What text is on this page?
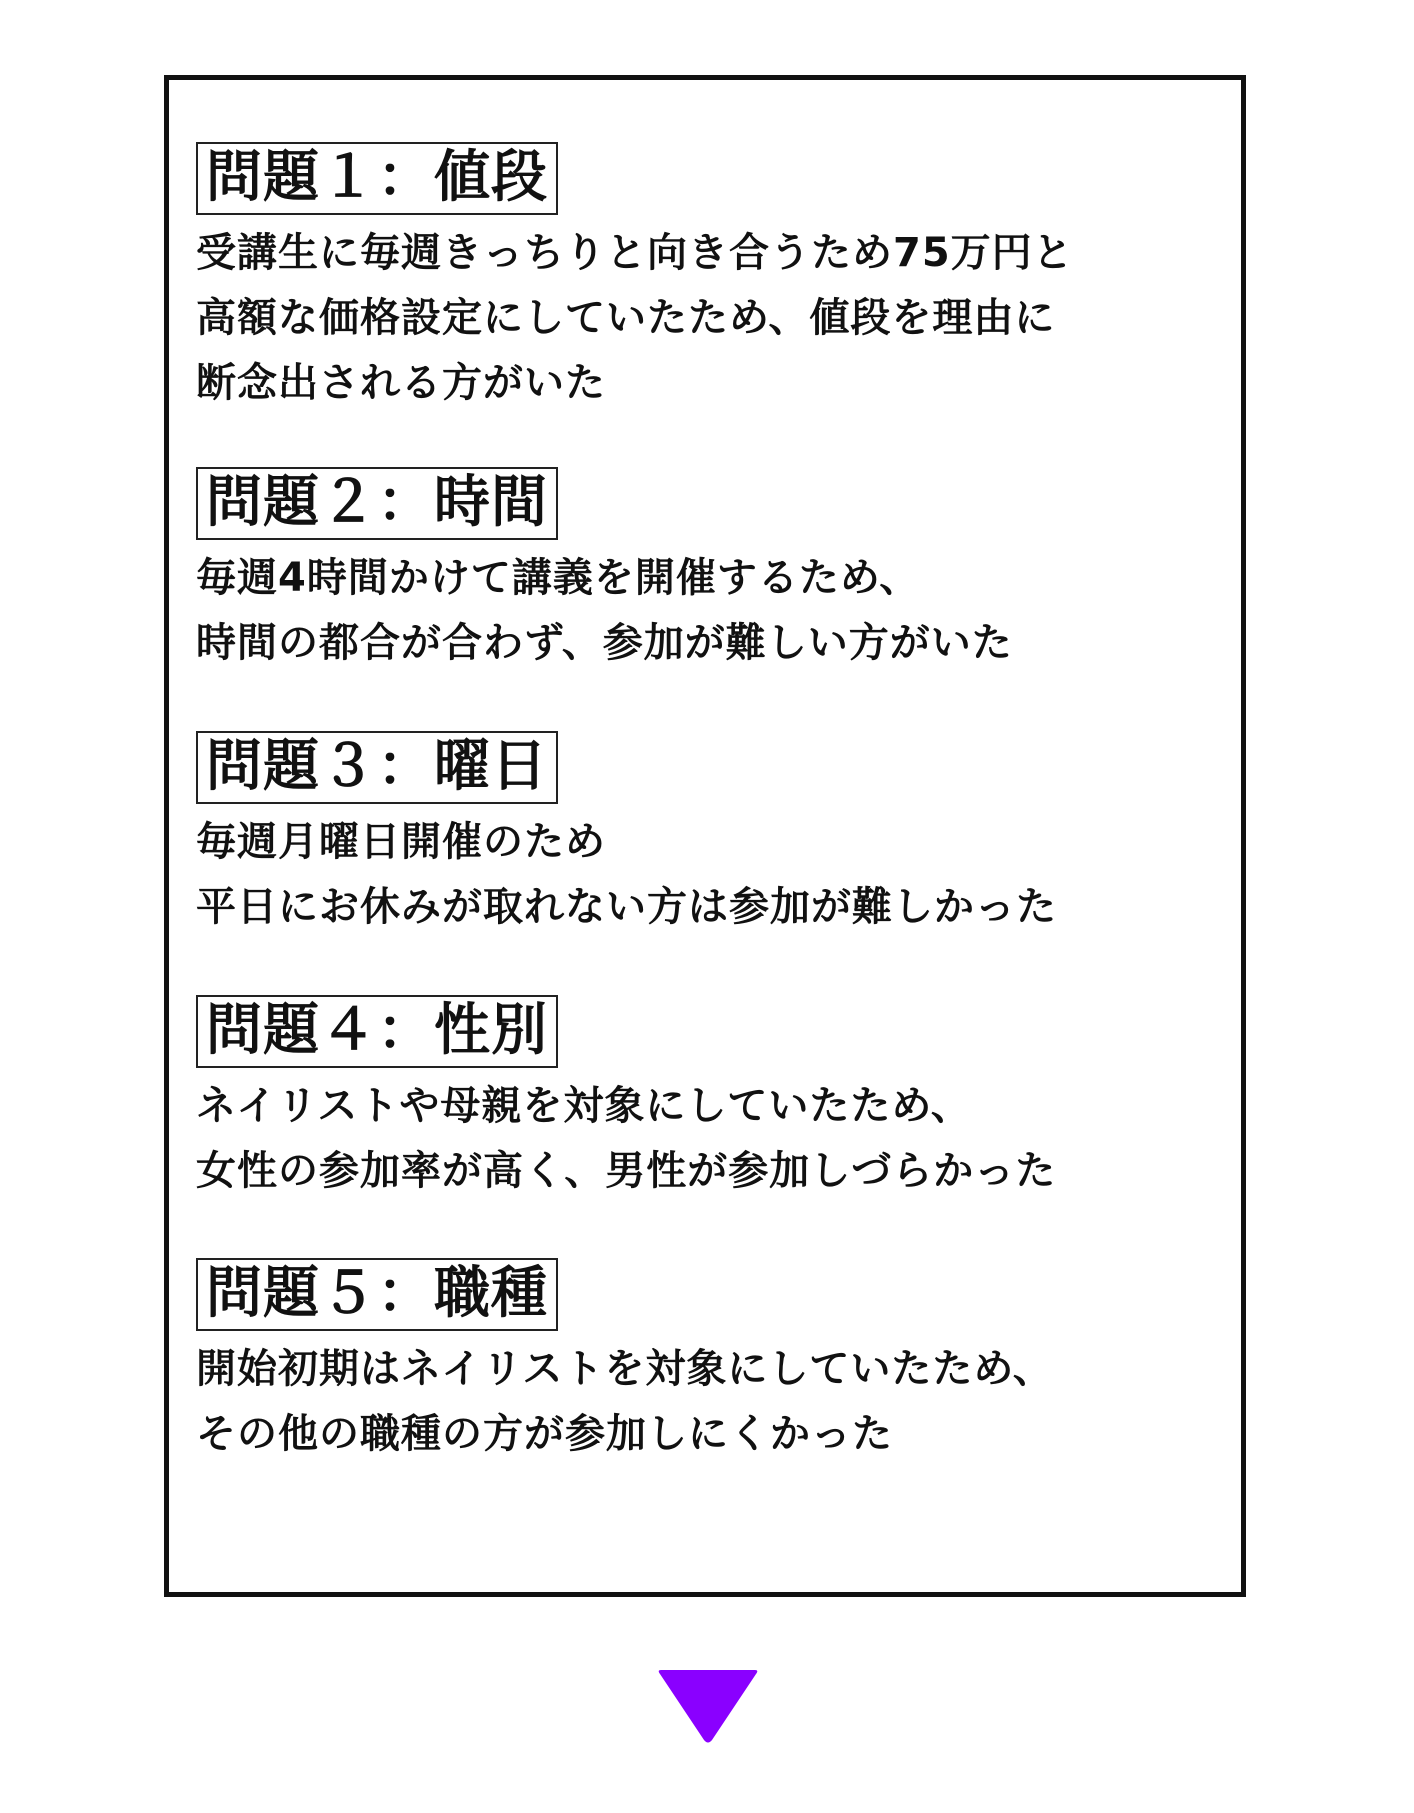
問題１：値段
受講生に毎週きっちりと向き合うため75万円と
高額な価格設定にしていたため、値段を理由に
断念出される方がいた
問題２：時間
毎週4時間かけて講義を開催するため、
時間の都合が合わず、参加が難しい方がいた
問題３：曜日
毎週月曜日開催のため
平日にお休みが取れない方は参加が難しかった
問題４：性別
ネイリストや母親を対象にしていたため、
女性の参加率が高く、男性が参加しづらかった
問題５：職種
開始初期はネイリストを対象にしていたため、
その他の職種の方が参加しにくかった
